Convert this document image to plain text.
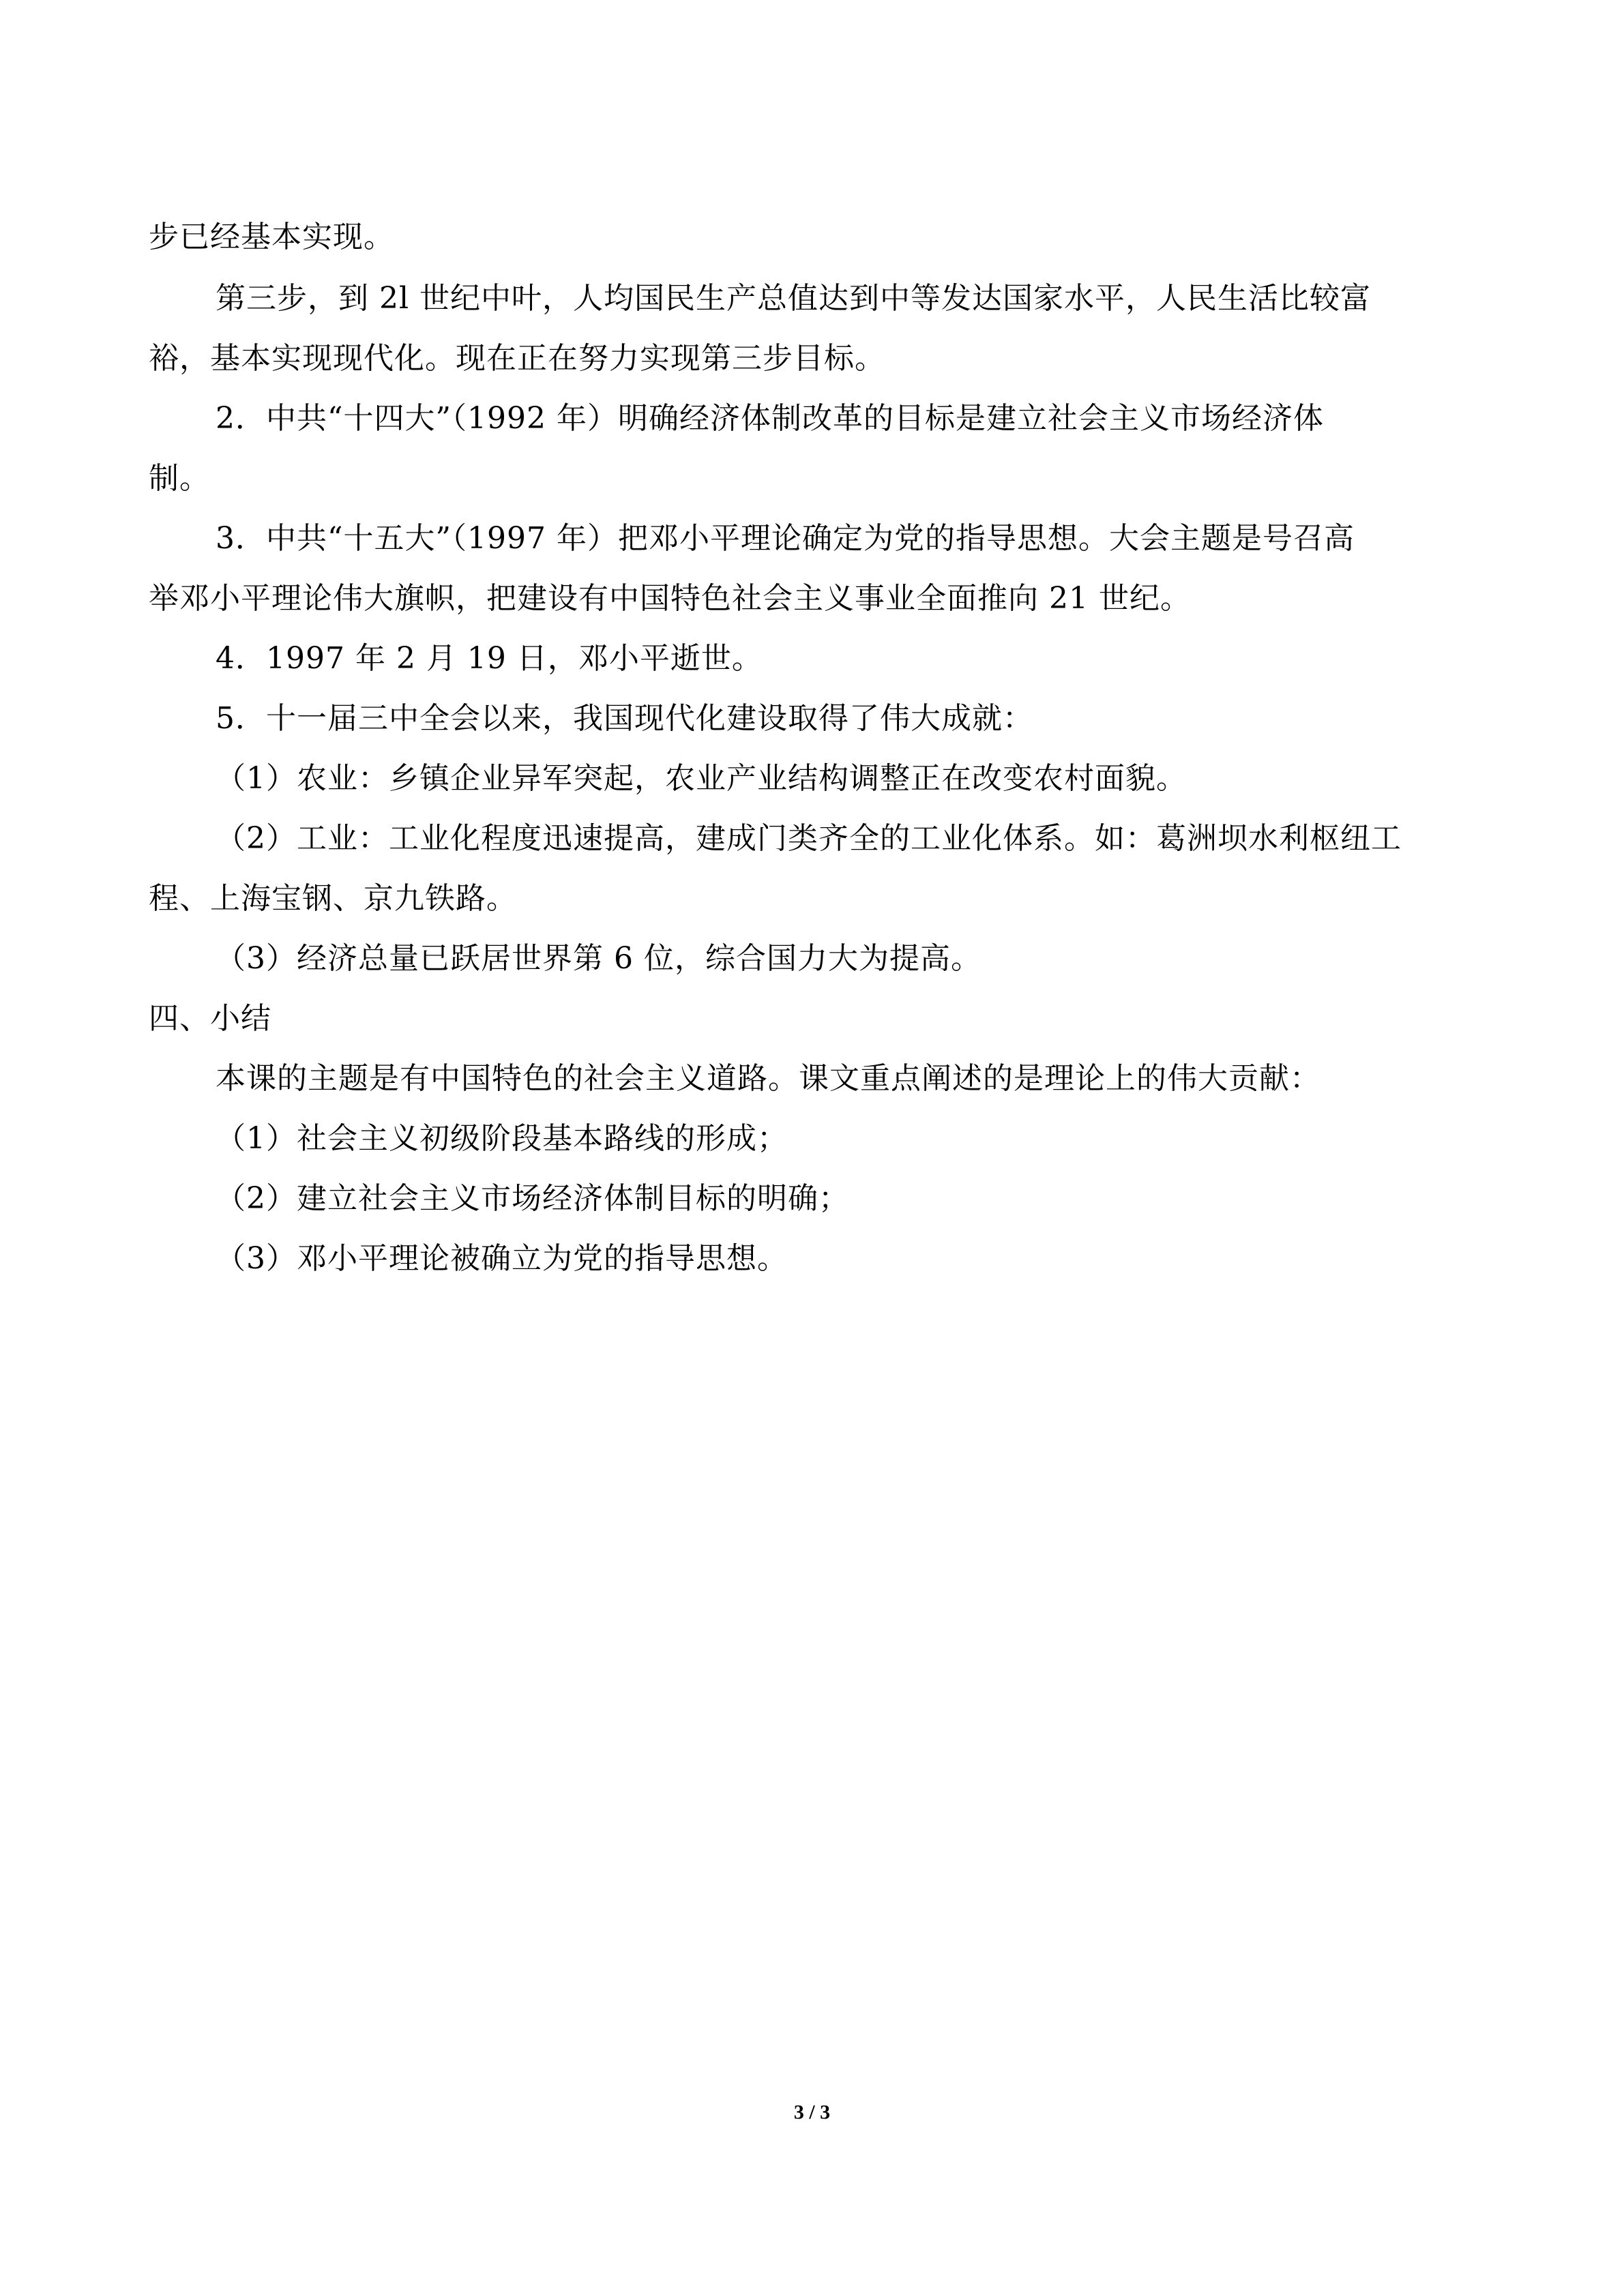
步已经基本实现。
第三步，到 2l 世纪中叶，人均国民生产总值达到中等发达国家水平，人民生活比较富
裕，基本实现现代化。现在正在努力实现第三步目标。
2．中共“十四大”（1992 年）明确经济体制改革的目标是建立社会主义市场经济体
制。
3．中共“十五大”（1997 年）把邓小平理论确定为党的指导思想。大会主题是号召高
举邓小平理论伟大旗帜，把建设有中国特色社会主义事业全面推向 21 世纪。
4．1997 年 2 月 19 日，邓小平逝世。
5．十一届三中全会以来，我国现代化建设取得了伟大成就：
（1）农业：乡镇企业异军突起，农业产业结构调整正在改变农村面貌。
（2）工业：工业化程度迅速提高，建成门类齐全的工业化体系。如：葛洲坝水利枢纽工
程、上海宝钢、京九铁路。
（3）经济总量已跃居世界第 6 位，综合国力大为提高。
四、小结
本课的主题是有中国特色的社会主义道路。课文重点阐述的是理论上的伟大贡献：
（1）社会主义初级阶段基本路线的形成；
（2）建立社会主义市场经济体制目标的明确；
（3）邓小平理论被确立为党的指导思想。
3 / 3
